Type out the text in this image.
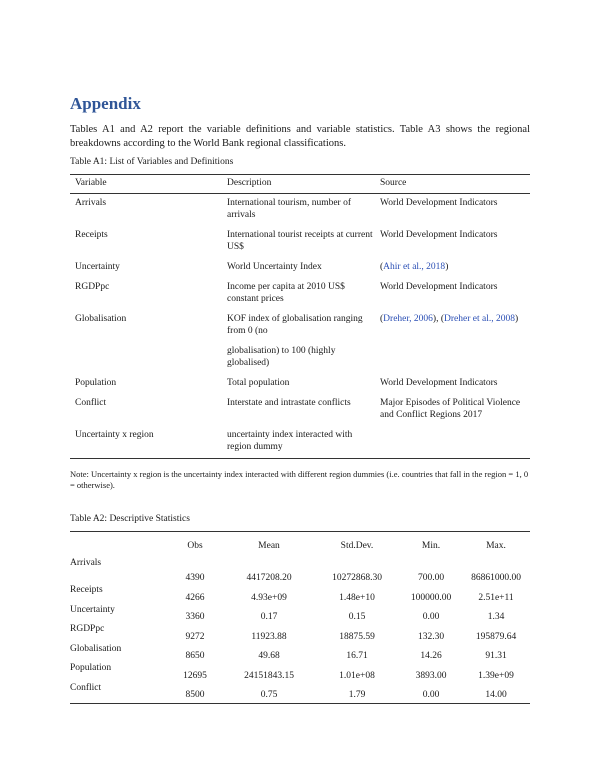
Appendix

Tables A1 and A2 report the variable definitions and variable statistics. Table A3 shows the regional breakdowns according to the World Bank regional classifications.

Table A1: List of Variables and Definitions

Variable	Description	Source
Arrivals	International tourism, number of arrivals	World Development Indicators
Receipts	International tourist receipts at current US$	World Development Indicators
Uncertainty	World Uncertainty Index	(Ahir et al., 2018)
RGDPpc	Income per capita at 2010 US$ constant prices	World Development Indicators
Globalisation	KOF index of globalisation ranging from 0 (no	(Dreher, 2006), (Dreher et al., 2008)
	globalisation) to 100 (highly globalised)	
Population	Total population	World Development Indicators
Conflict	Interstate and intrastate conflicts	Major Episodes of Political Violence and Conflict Regions 2017
Uncertainty x region	uncertainty index interacted with region dummy	

Note: Uncertainty x region is the uncertainty index interacted with different region dummies (i.e. countries that fall in the region = 1, 0 = otherwise).

Table A2: Descriptive Statistics

	Obs	Mean	Std.Dev.	Min.	Max.
Arrivals	4390	4417208.20	10272868.30	700.00	86861000.00
Receipts	4266	4.93e+09	1.48e+10	100000.00	2.51e+11
Uncertainty	3360	0.17	0.15	0.00	1.34
RGDPpc	9272	11923.88	18875.59	132.30	195879.64
Globalisation	8650	49.68	16.71	14.26	91.31
Population	12695	24151843.15	1.01e+08	3893.00	1.39e+09
Conflict	8500	0.75	1.79	0.00	14.00
